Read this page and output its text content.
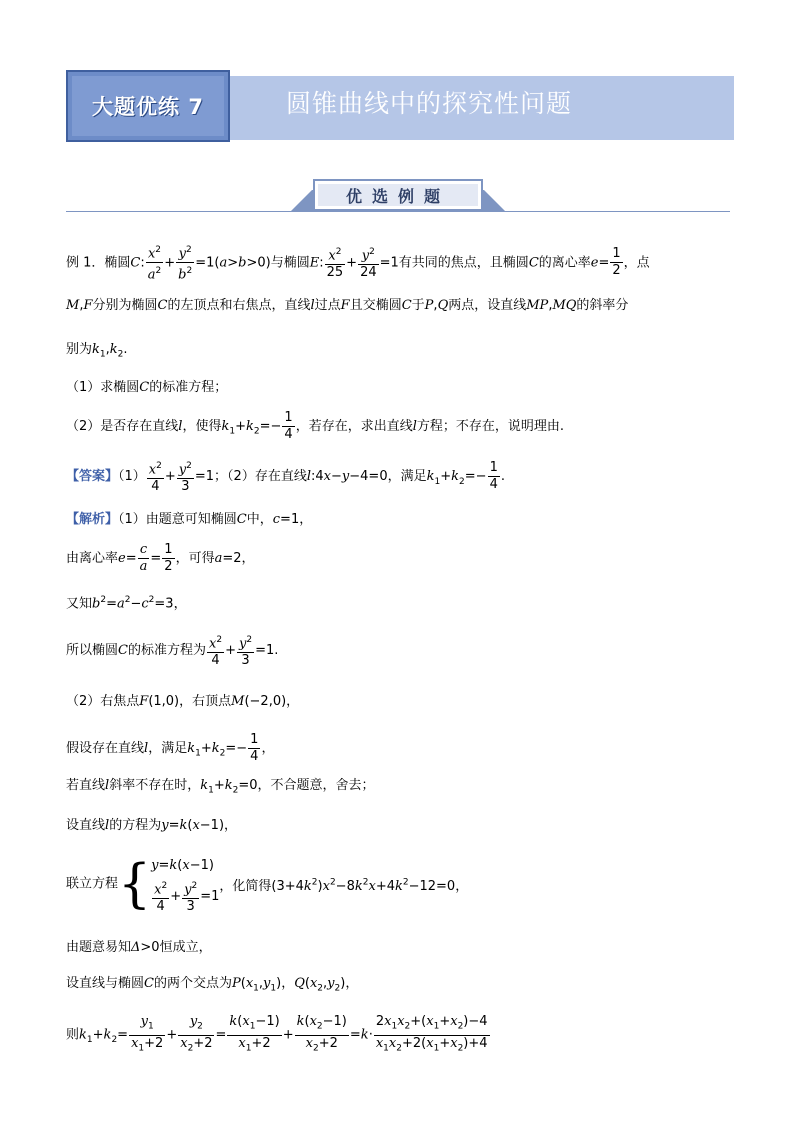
大题优练 7	圆锥曲线中的探究性问题
优选例题
例 1．椭圆C: $\frac{x^2}{a^2} + \frac{y^2}{b^2} =1(a>b>0)$与椭圆E: $\frac{x^2}{25} + \frac{y^2}{24} =1$有共同的焦点，且椭圆C的离心率$e= \frac{1}{2}$ ，点
M,F分别为椭圆C的左顶点和右焦点，直线l过点F且交椭圆C于P,Q两点，设直线MP,MQ的斜率分
别为$k_1,k_2$.
（1）求椭圆C的标准方程；
（2）是否存在直线l，使得$k_1+k_2=- \frac{1}{4}$ ，若存在，求出直线l方程；不存在，说明理由.
【答案】$(1) \frac{x^2}{4} + \frac{y^2}{3} =1$；（2）存在直线l:4x−y−4=0，满足$k_1+k_2=- \frac{1}{4}$ .
【解析】（1）由题意可知椭圆C中，c=1，
由离心率$e= \frac{c}{a} = \frac{1}{2}$ ，可得a=2，
又知$b^2=a^2-c^2=3$，
所以椭圆C的标准方程为 $\frac{x^2}{4} + \frac{y^2}{3} =1$.
（2）右焦点F(1,0)，右顶点M(−2,0)，
假设存在直线l，满足$k_1+k_2=- \frac{1}{4}$ ，
若直线l斜率不存在时，$k_1+k_2=0$，不合题意，舍去；
设直线l的方程为y=k(x−1)，
联立方程{ y=k(x−1)
$\frac{x^2}{4} + \frac{y^2}{3} =1$
，化简得$(3+4k^2)x^2-8k^2x+4k^2-12=0$，
由题意易知Δ>0恒成立，
设直线与椭圆C的两个交点为$P(x_1,y_1)$，$Q(x_2,y_2)$，
则$k_1+k_2= \frac{y_1}{x_1+2} + \frac{y_2}{x_2+2} = \frac{k(x_1-1)}{x_1+2} + \frac{k(x_2-1)}{x_2+2} =k\cdot \frac{2x_1x_2+(x_1+x_2)-4}{x_1x_2+2(x_1+x_2)+4}$
